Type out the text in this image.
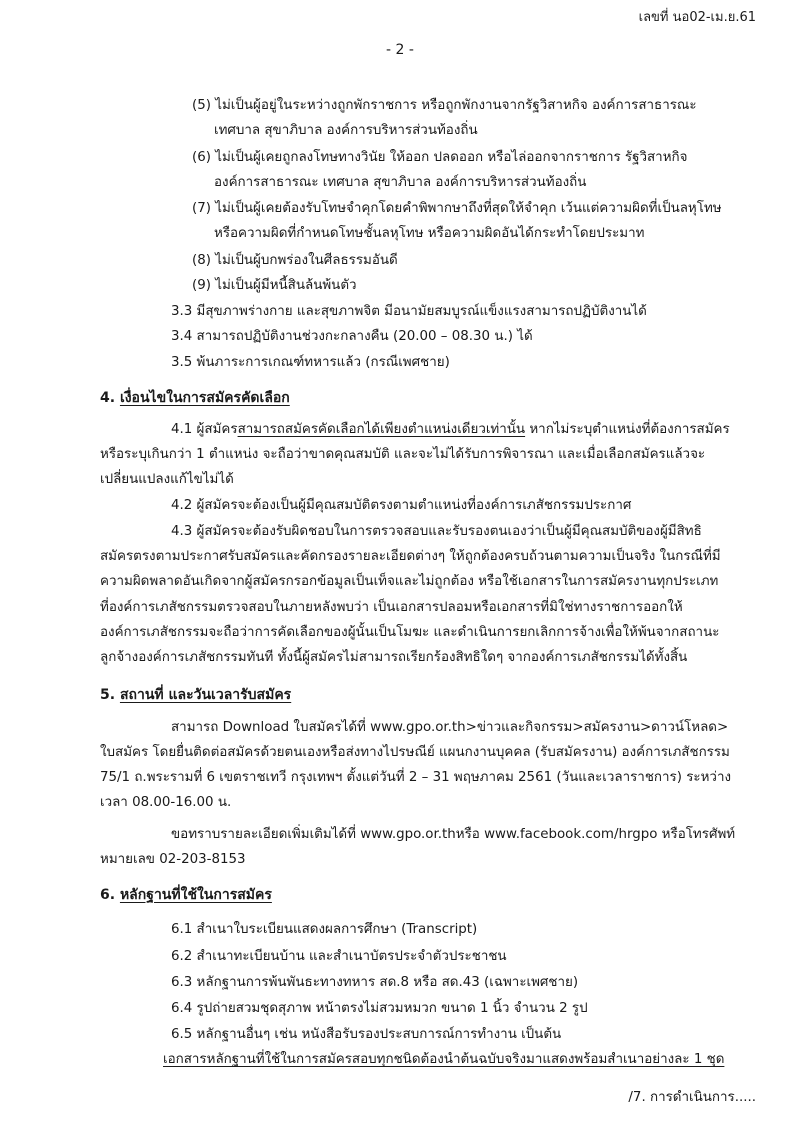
เลขที่ นอ02-เม.ย.61
- 2 -
(5) ไม่เป็นผู้อยู่ในระหว่างถูกพักราชการ หรือถูกพักงานจากรัฐวิสาหกิจ องค์การสาธารณะ
เทศบาล สุขาภิบาล องค์การบริหารส่วนท้องถิ่น
(6) ไม่เป็นผู้เคยถูกลงโทษทางวินัย ให้ออก ปลดออก หรือไล่ออกจากราชการ รัฐวิสาหกิจ
องค์การสาธารณะ เทศบาล สุขาภิบาล องค์การบริหารส่วนท้องถิ่น
(7) ไม่เป็นผู้เคยต้องรับโทษจำคุกโดยคำพิพากษาถึงที่สุดให้จำคุก เว้นแต่ความผิดที่เป็นลหุโทษ
หรือความผิดที่กำหนดโทษชั้นลหุโทษ หรือความผิดอันได้กระทำโดยประมาท
(8) ไม่เป็นผู้บกพร่องในศีลธรรมอันดี
(9) ไม่เป็นผู้มีหนี้สินล้นพ้นตัว
3.3 มีสุขภาพร่างกาย และสุขภาพจิต มีอนามัยสมบูรณ์แข็งแรงสามารถปฏิบัติงานได้
3.4 สามารถปฏิบัติงานช่วงกะกลางคืน (20.00 – 08.30 น.) ได้
3.5 พ้นภาระการเกณฑ์ทหารแล้ว (กรณีเพศชาย)
4. เงื่อนไขในการสมัครคัดเลือก
4.1 ผู้สมัครสามารถสมัครคัดเลือกได้เพียงตำแหน่งเดียวเท่านั้น หากไม่ระบุตำแหน่งที่ต้องการสมัคร
หรือระบุเกินกว่า 1 ตำแหน่ง จะถือว่าขาดคุณสมบัติ และจะไม่ได้รับการพิจารณา และเมื่อเลือกสมัครแล้วจะ
เปลี่ยนแปลงแก้ไขไม่ได้
4.2 ผู้สมัครจะต้องเป็นผู้มีคุณสมบัติตรงตามตำแหน่งที่องค์การเภสัชกรรมประกาศ
4.3 ผู้สมัครจะต้องรับผิดชอบในการตรวจสอบและรับรองตนเองว่าเป็นผู้มีคุณสมบัติของผู้มีสิทธิ
สมัครตรงตามประกาศรับสมัครและคัดกรองรายละเอียดต่างๆ ให้ถูกต้องครบถ้วนตามความเป็นจริง ในกรณีที่มี
ความผิดพลาดอันเกิดจากผู้สมัครกรอกข้อมูลเป็นเท็จและไม่ถูกต้อง หรือใช้เอกสารในการสมัครงานทุกประเภท
ที่องค์การเภสัชกรรมตรวจสอบในภายหลังพบว่า เป็นเอกสารปลอมหรือเอกสารที่มิใช่ทางราชการออกให้
องค์การเภสัชกรรมจะถือว่าการคัดเลือกของผู้นั้นเป็นโมฆะ และดำเนินการยกเลิกการจ้างเพื่อให้พ้นจากสถานะ
ลูกจ้างองค์การเภสัชกรรมทันที ทั้งนี้ผู้สมัครไม่สามารถเรียกร้องสิทธิใดๆ จากองค์การเภสัชกรรมได้ทั้งสิ้น
5. สถานที่ และวันเวลารับสมัคร
สามารถ Download ใบสมัครได้ที่ www.gpo.or.th>ข่าวและกิจกรรม>สมัครงาน>ดาวน์โหลด>
ใบสมัคร โดยยื่นติดต่อสมัครด้วยตนเองหรือส่งทางไปรษณีย์ แผนกงานบุคคล (รับสมัครงาน) องค์การเภสัชกรรม
75/1 ถ.พระรามที่ 6 เขตราชเทวี กรุงเทพฯ ตั้งแต่วันที่ 2 – 31 พฤษภาคม 2561 (วันและเวลาราชการ) ระหว่าง
เวลา 08.00-16.00 น.
ขอทราบรายละเอียดเพิ่มเติมได้ที่ www.gpo.or.thหรือ www.facebook.com/hrgpo หรือโทรศัพท์
หมายเลข 02-203-8153
6. หลักฐานที่ใช้ในการสมัคร
6.1 สำเนาใบระเบียนแสดงผลการศึกษา (Transcript)
6.2 สำเนาทะเบียนบ้าน และสำเนาบัตรประจำตัวประชาชน
6.3 หลักฐานการพ้นพันธะทางทหาร สด.8 หรือ สด.43 (เฉพาะเพศชาย)
6.4 รูปถ่ายสวมชุดสุภาพ หน้าตรงไม่สวมหมวก ขนาด 1 นิ้ว จำนวน 2 รูป
6.5 หลักฐานอื่นๆ เช่น หนังสือรับรองประสบการณ์การทำงาน เป็นต้น
เอกสารหลักฐานที่ใช้ในการสมัครสอบทุกชนิดต้องนำต้นฉบับจริงมาแสดงพร้อมสำเนาอย่างละ 1 ชุด
/7. การดำเนินการ.....
